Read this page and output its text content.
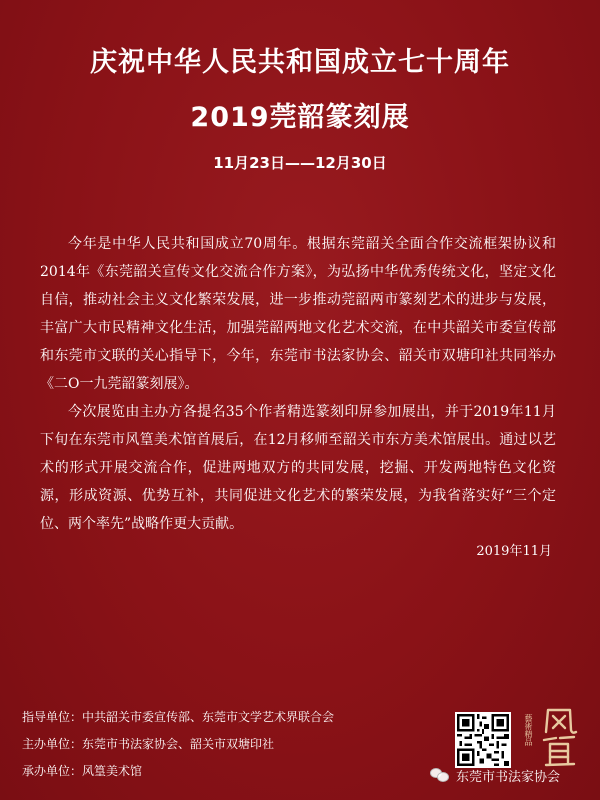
庆祝中华人民共和国成立七十周年
2019莞韶篆刻展
11月23日——12月30日

今年是中华人民共和国成立70周年。根据东莞韶关全面合作交流框架协议和2014年《东莞韶关宣传文化交流合作方案》，为弘扬中华优秀传统文化，坚定文化自信，推动社会主义文化繁荣发展，进一步推动莞韶两市篆刻艺术的进步与发展，丰富广大市民精神文化生活，加强莞韶两地文化艺术交流，在中共韶关市委宣传部和东莞市文联的关心指导下，今年，东莞市书法家协会、韶关市双塘印社共同举办《二O一九莞韶篆刻展》。

今次展览由主办方各提名35个作者精选篆刻印屏参加展出，并于2019年11月下旬在东莞市风篁美术馆首展后，在12月移师至韶关市东方美术馆展出。通过以艺术的形式开展交流合作，促进两地双方的共同发展，挖掘、开发两地特色文化资源，形成资源、优势互补，共同促进文化艺术的繁荣发展，为我省落实好“三个定位、两个率先”战略作更大贡献。

2019年11月
指导单位：中共韶关市委宣传部、东莞市文学艺术界联合会
主办单位：东莞市书法家协会、韶关市双塘印社
承办单位：风篁美术馆
藝術精品
东莞市书法家协会
